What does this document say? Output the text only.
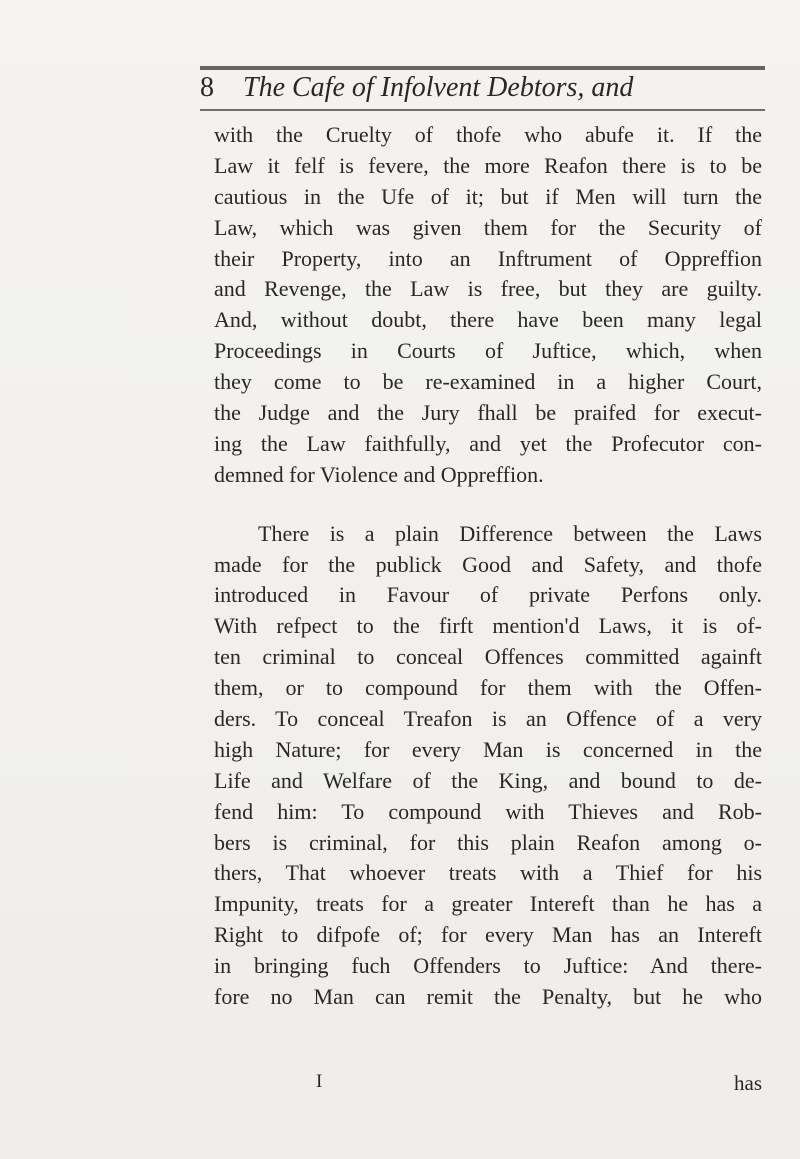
8 The Cafe of Infolvent Debtors, and
with the Cruelty of thofe who abufe it. If the
Law it felf is fevere, the more Reafon there is to be
cautious in the Ufe of it; but if Men will turn the
Law, which was given them for the Security of
their Property, into an Inftrument of Oppreffion
and Revenge, the Law is free, but they are guilty.
And, without doubt, there have been many legal
Proceedings in Courts of Juftice, which, when
they come to be re-examined in a higher Court,
the Judge and the Jury fhall be praifed for execut-
ing the Law faithfully, and yet the Profecutor con-
demned for Violence and Oppreffion.
There is a plain Difference between the Laws
made for the publick Good and Safety, and thofe
introduced in Favour of private Perfons only.
With refpect to the firft mention'd Laws, it is of-
ten criminal to conceal Offences committed againft
them, or to compound for them with the Offen-
ders. To conceal Treafon is an Offence of a very
high Nature; for every Man is concerned in the
Life and Welfare of the King, and bound to de-
fend him: To compound with Thieves and Rob-
bers is criminal, for this plain Reafon among o-
thers, That whoever treats with a Thief for his
Impunity, treats for a greater Intereft than he has a
Right to difpofe of; for every Man has an Intereft
in bringing fuch Offenders to Juftice: And there-
fore no Man can remit the Penalty, but he who
I	has
